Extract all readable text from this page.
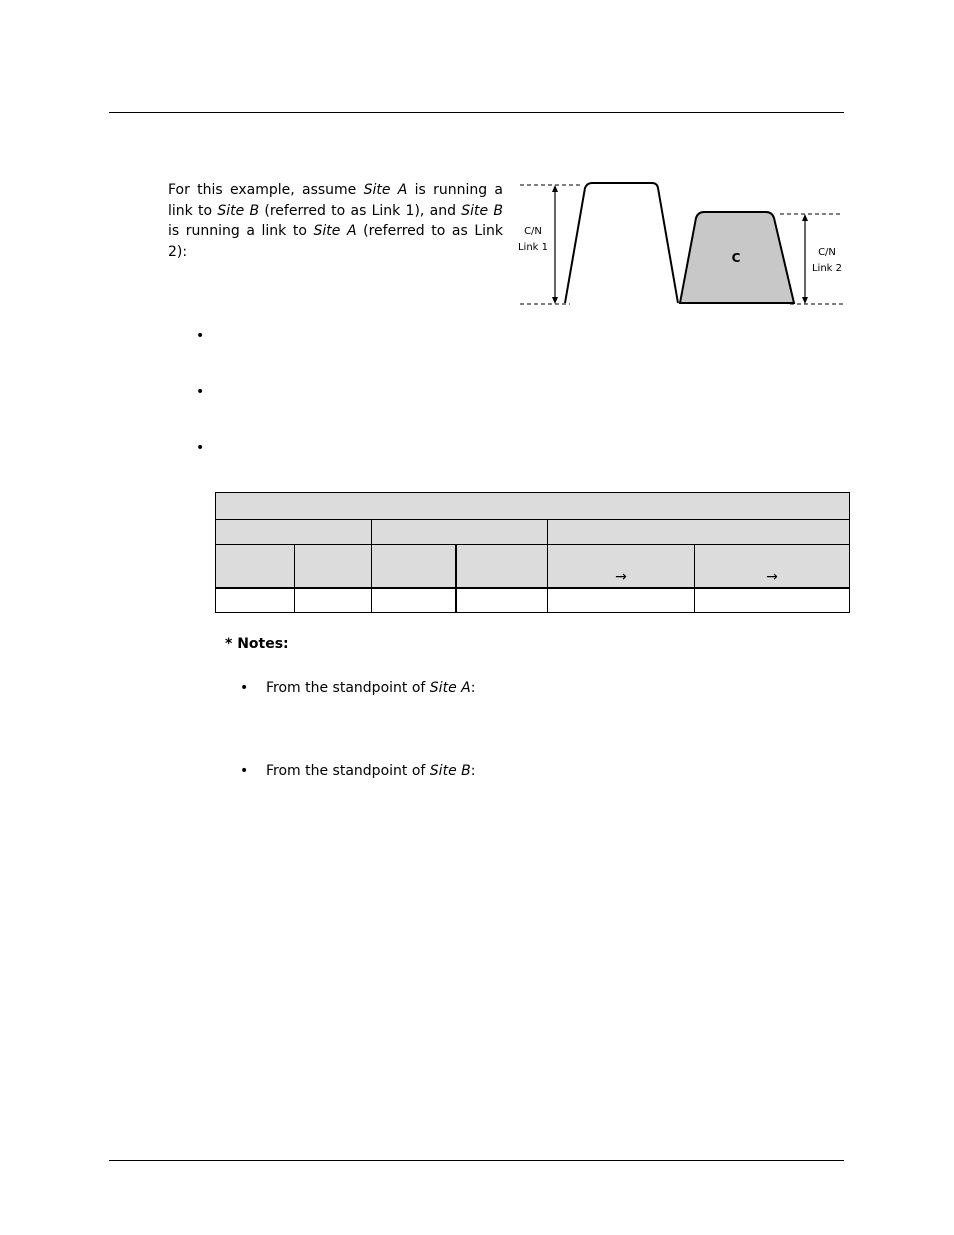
For this example, assume Site A is running a link to Site B (referred to as Link 1), and Site B is running a link to Site A (referred to as Link 2):	C
C/N
Link 1	C/N
Link 2
•
•
•

				→	→

* Notes:
• From the standpoint of Site A:
• From the standpoint of Site B:
